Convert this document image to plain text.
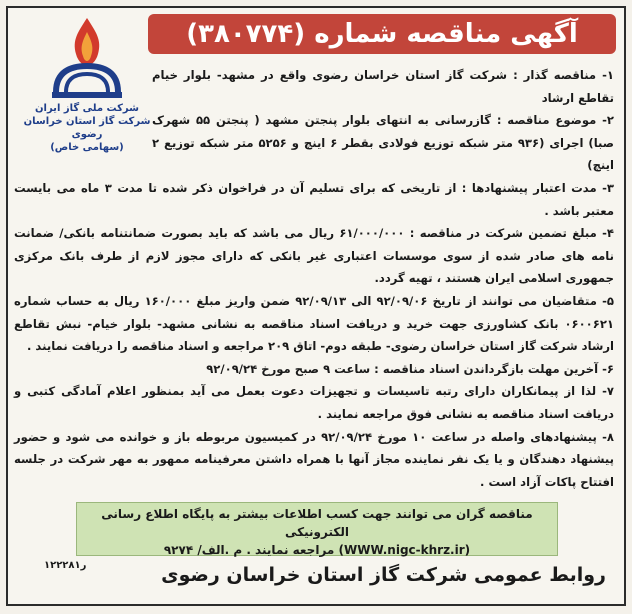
آگهی مناقصه شماره (۳۸۰۷۷۴)
شرکت ملی گاز ایران
شرکت گاز استان خراسان رضوی
(سهامی خاص)
۱- مناقصه گذار : شرکت گاز استان خراسان رضوی واقع در مشهد- بلوار خیام تقاطع ارشاد
۲- موضوع مناقصه : گازرسانی به انتهای بلوار پنجتن مشهد ( پنجتن ۵۵ شهرک صبا) اجرای (۹۳۶ متر شبکه توزیع فولادی بقطر ۶ اینچ و ۵۲۵۶ متر شبکه توزیع ۲ اینچ)
۳- مدت اعتبار پیشنهادها : از تاریخی که برای تسلیم آن در فراخوان ذکر شده تا مدت ۳ ماه می بایست معتبر باشد .
۴- مبلغ تضمین شرکت در مناقصه : ۶۱/۰۰۰/۰۰۰ ریال می باشد که باید بصورت ضمانتنامه بانکی/ ضمانت نامه های صادر شده از سوی موسسات اعتباری غیر بانکی که دارای مجوز لازم از طرف بانک مرکزی جمهوری اسلامی ایران هستند ، تهیه گردد.
۵- متقاضیان می توانند از تاریخ ۹۲/۰۹/۰۶ الی ۹۲/۰۹/۱۳ ضمن واریز مبلغ ۱۶۰/۰۰۰ ریال به حساب شماره ۰۶۰۰۶۲۱ بانک کشاورزی جهت خرید و دریافت اسناد مناقصه به نشانی مشهد- بلوار خیام- نبش تقاطع ارشاد شرکت گاز استان خراسان رضوی- طبقه دوم- اتاق ۲۰۹ مراجعه و اسناد مناقصه را دریافت نمایند .
۶- آخرین مهلت بازگرداندن اسناد مناقصه : ساعت ۹ صبح مورخ ۹۲/۰۹/۲۴
۷- لذا از پیمانکاران دارای رتبه تاسیسات و تجهیزات دعوت بعمل می آید بمنظور اعلام آمادگی کتبی و دریافت اسناد مناقصه به نشانی فوق مراجعه نمایند .
۸- پیشنهادهای واصله در ساعت ۱۰ مورخ ۹۲/۰۹/۲۴ در کمیسیون مربوطه باز و خوانده می شود و حضور پیشنهاد دهندگان و یا یک نفر نماینده مجاز آنها با همراه داشتن معرفینامه ممهور به مهر شرکت در جلسه افتتاح پاکات آزاد است .
مناقصه گران می توانند جهت کسب اطلاعات بیشتر به پایگاه اطلاع رسانی الکترونیکی
(WWW.nigc-khrz.ir) مراجعه نمایند . م .الف/ ۹۲۷۴
روابط عمومی شرکت گاز استان خراسان رضوی
۱۲۲۲۸۱ر
